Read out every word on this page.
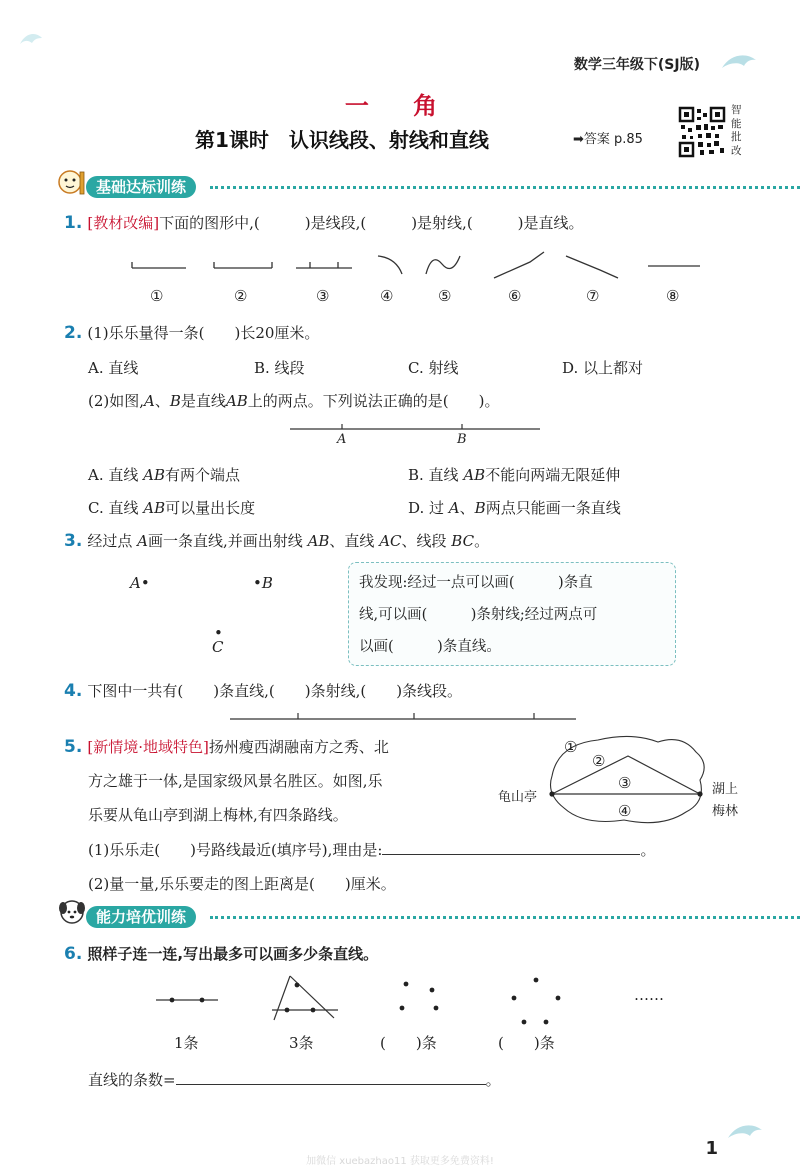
数学三年级下(SJ版)
一 角
第1课时　认识线段、射线和直线	➡答案 p.85
智能批改
基础达标训练
1. [教材改编]下面的图形中,(　　　)是线段,(　　　)是射线,(　　　)是直线。
①	②	③	④	⑤	⑥	⑦	⑧
2. (1)乐乐量得一条(　　)长20厘米。
A. 直线	B. 线段	C. 射线	D. 以上都对
(2)如图,A、B是直线AB上的两点。下列说法正确的是(　　)。
A	B
A. 直线 AB有两个端点	B. 直线 AB不能向两端无限延伸
C. 直线 AB可以量出长度	D. 过 A、B两点只能画一条直线
3. 经过点 A画一条直线,并画出射线 AB、直线 AC、线段 BC。
A•	•B
•
C
我发现:经过一点可以画(　　　)条直
线,可以画(　　　)条射线;经过两点可
以画(　　　)条直线。
4. 下图中一共有(　　)条直线,(　　)条射线,(　　)条线段。
5. [新情境·地域特色]扬州瘦西湖融南方之秀、北
方之雄于一体,是国家级风景名胜区。如图,乐
乐要从龟山亭到湖上梅林,有四条路线。
①
②
③
④
龟山亭
湖上
梅林
(1)乐乐走(　　)号路线最近(填序号),理由是:	。
(2)量一量,乐乐要走的图上距离是(　　)厘米。
能力培优训练
6. 照样子连一连,写出最多可以画多少条直线。
……
1条	3条	(　　)条	(　　)条
直线的条数=	。
1
加微信 xuebazhao11 获取更多免费资料!
